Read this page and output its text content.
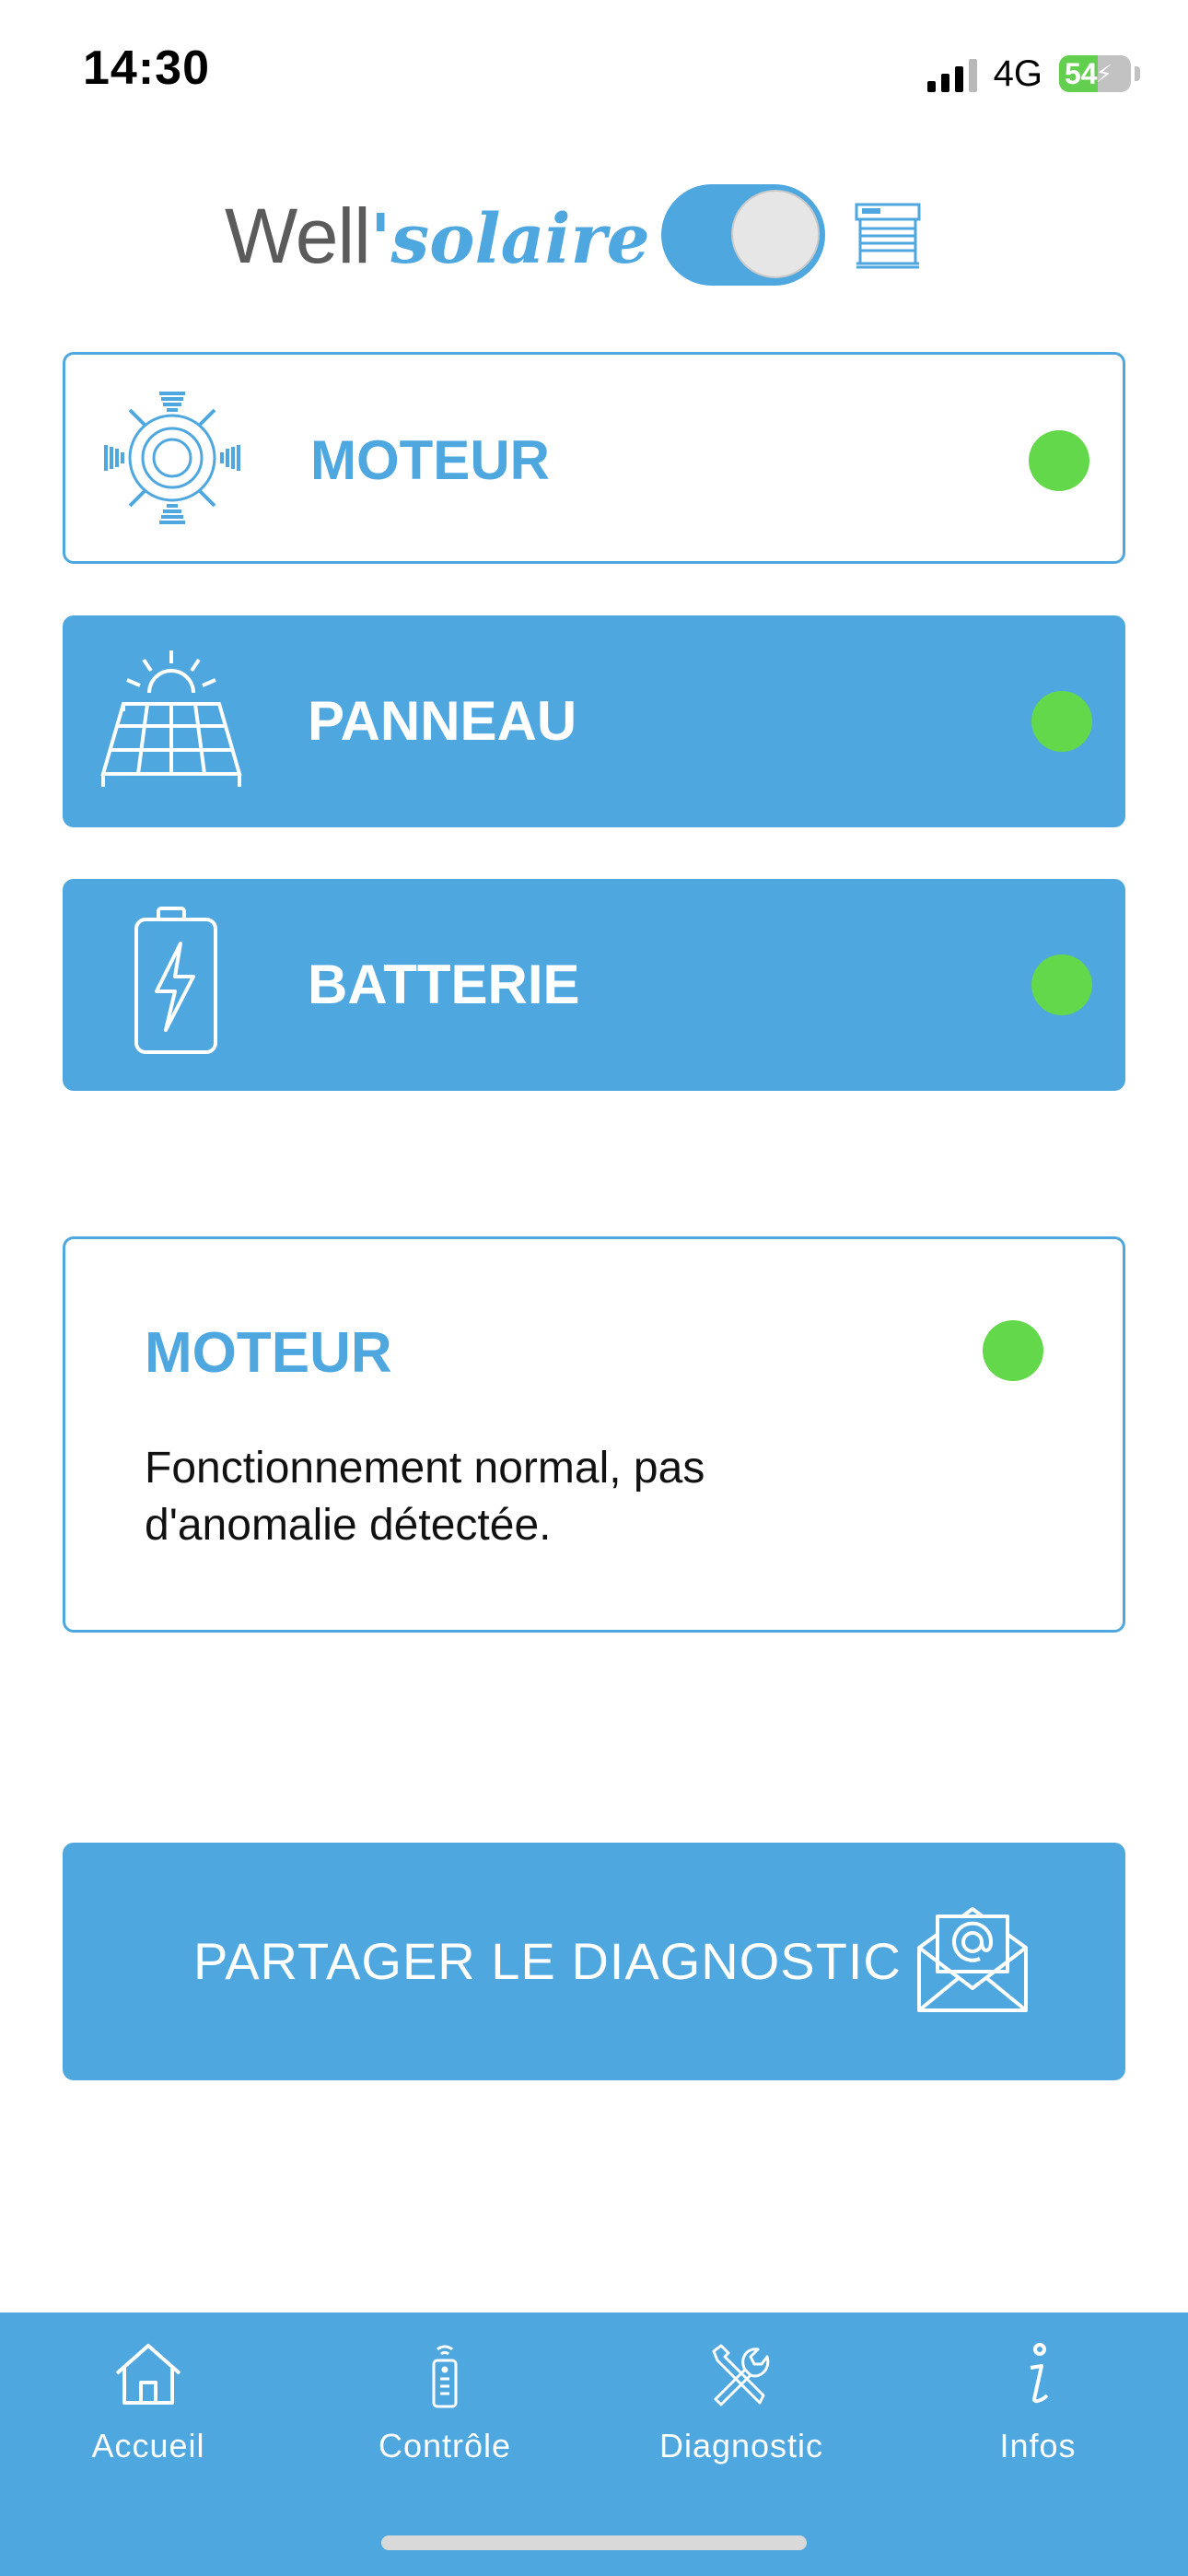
14:30	4G 54
⚡
Well'solaire
MOTEUR
PANNEAU
BATTERIE
MOTEUR
Fonctionnement normal, pas d'anomalie détectée.
PARTAGER LE DIAGNOSTIC
Accueil	Contrôle	Diagnostic	Infos
